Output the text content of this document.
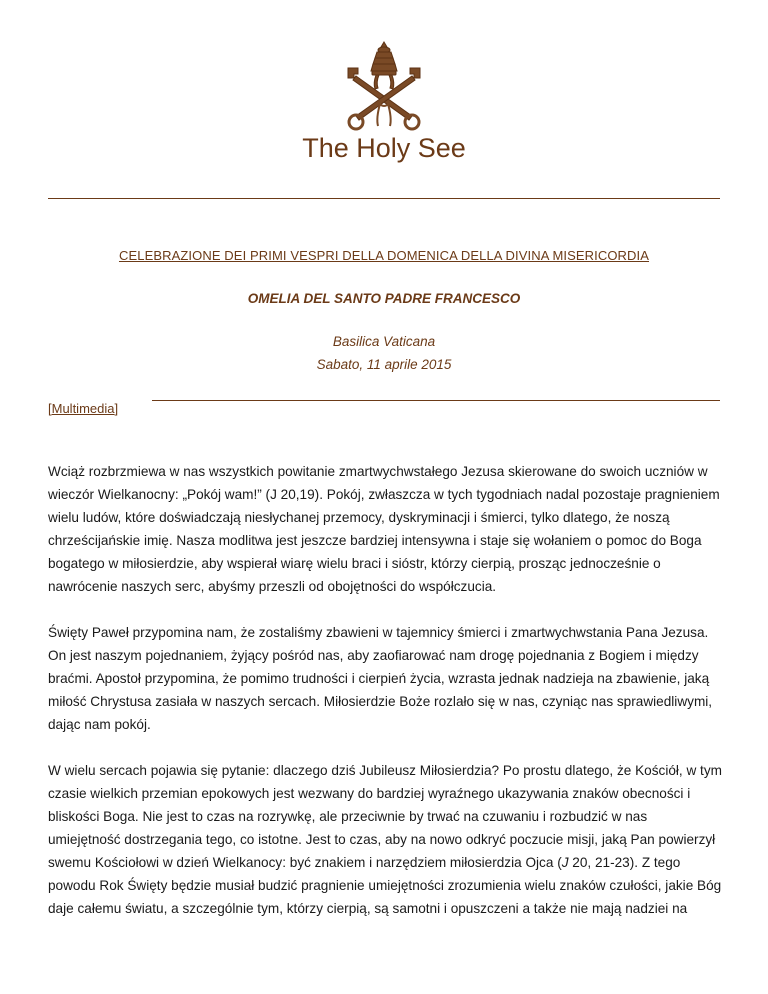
The Holy See
CELEBRAZIONE DEI PRIMI VESPRI DELLA DOMENICA DELLA DIVINA MISERICORDIA
OMELIA DEL SANTO PADRE FRANCESCO
Basilica Vaticana
Sabato, 11 aprile 2015
[Multimedia]

Wciąż rozbrzmiewa w nas wszystkich powitanie zmartwychwstałego Jezusa skierowane do swoich uczniów w wieczór Wielkanocny: „Pokój wam!” (J 20,19). Pokój, zwłaszcza w tych tygodniach nadal pozostaje pragnieniem wielu ludów, które doświadczają niesłychanej przemocy, dyskryminacji i śmierci, tylko dlatego, że noszą chrześcijańskie imię. Nasza modlitwa jest jeszcze bardziej intensywna i staje się wołaniem o pomoc do Boga bogatego w miłosierdzie, aby wspierał wiarę wielu braci i sióstr, którzy cierpią, prosząc jednocześnie o nawrócenie naszych serc, abyśmy przeszli od obojętności do współczucia.

Święty Paweł przypomina nam, że zostaliśmy zbawieni w tajemnicy śmierci i zmartwychwstania Pana Jezusa. On jest naszym pojednaniem, żyjący pośród nas, aby zaofiarować nam drogę pojednania z Bogiem i między braćmi. Apostoł przypomina, że pomimo trudności i cierpień życia, wzrasta jednak nadzieja na zbawienie, jaką miłość Chrystusa zasiała w naszych sercach. Miłosierdzie Boże rozlało się w nas, czyniąc nas sprawiedliwymi, dając nam pokój.

W wielu sercach pojawia się pytanie: dlaczego dziś Jubileusz Miłosierdzia? Po prostu dlatego, że Kościół, w tym czasie wielkich przemian epokowych jest wezwany do bardziej wyraźnego ukazywania znaków obecności i bliskości Boga. Nie jest to czas na rozrywkę, ale przeciwnie by trwać na czuwaniu i rozbudzić w nas umiejętność dostrzegania tego, co istotne. Jest to czas, aby na nowo odkryć poczucie misji, jaką Pan powierzył swemu Kościołowi w dzień Wielkanocy: być znakiem i narzędziem miłosierdzia Ojca (J 20, 21-23). Z tego powodu Rok Święty będzie musiał budzić pragnienie umiejętności zrozumienia wielu znaków czułości, jakie Bóg daje całemu światu, a szczególnie tym, którzy cierpią, są samotni i opuszczeni a także nie mają nadziei na
